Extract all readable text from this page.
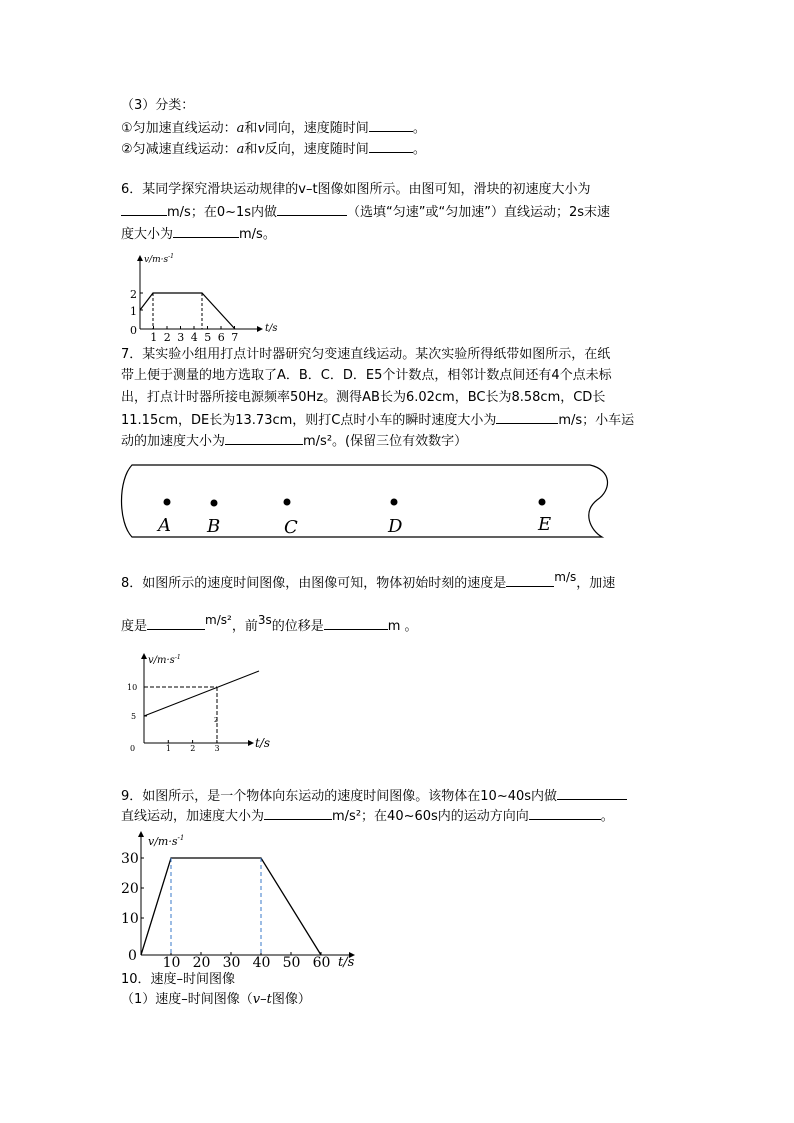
（3）分类：
①匀加速直线运动：a和v同向，速度随时间	。
②匀减速直线运动：a和v反向，速度随时间	。
6．某同学探究滑块运动规律的v–t图像如图所示。由图可知，滑块的初速度大小为
m/s；在0~1s内做	（选填“匀速”或“匀加速”）直线运动；2s末速
度大小为	m/s。
$v/m\cdot s^{-1}$
t/s
0
1
2
1 2 3 4 5 6 7
7．某实验小组用打点计时器研究匀变速直线运动。某次实验所得纸带如图所示，在纸
带上便于测量的地方选取了A．B．C．D．E5个计数点，相邻计数点间还有4个点未标
出，打点计时器所接电源频率50Hz。测得AB长为6.02cm，BC长为8.58cm，CD长
11.15cm，DE长为13.73cm，则打C点时小车的瞬时速度大小为	m/s；小车运
动的加速度大小为	m/s²。(保留三位有效数字）
A B	C	D	E
8．如图所示的速度时间图像，由图像可知，物体初始时刻的速度是	m/s，加速
度是	m/s²，前3s的位移是	m 。
$v/m\cdot s^{-1}$
t/s
0
5
10
1 2 3
2
9．如图所示，是一个物体向东运动的速度时间图像。该物体在10~40s内做
直线运动，加速度大小为	m/s²；在40~60s内的运动方向向	。
$v/m\cdot s^{-1}$
t/s
0
10
20
30
10 20 30 40 50 60
10．速度–时间图像
（1）速度–时间图像（v–t图像）
